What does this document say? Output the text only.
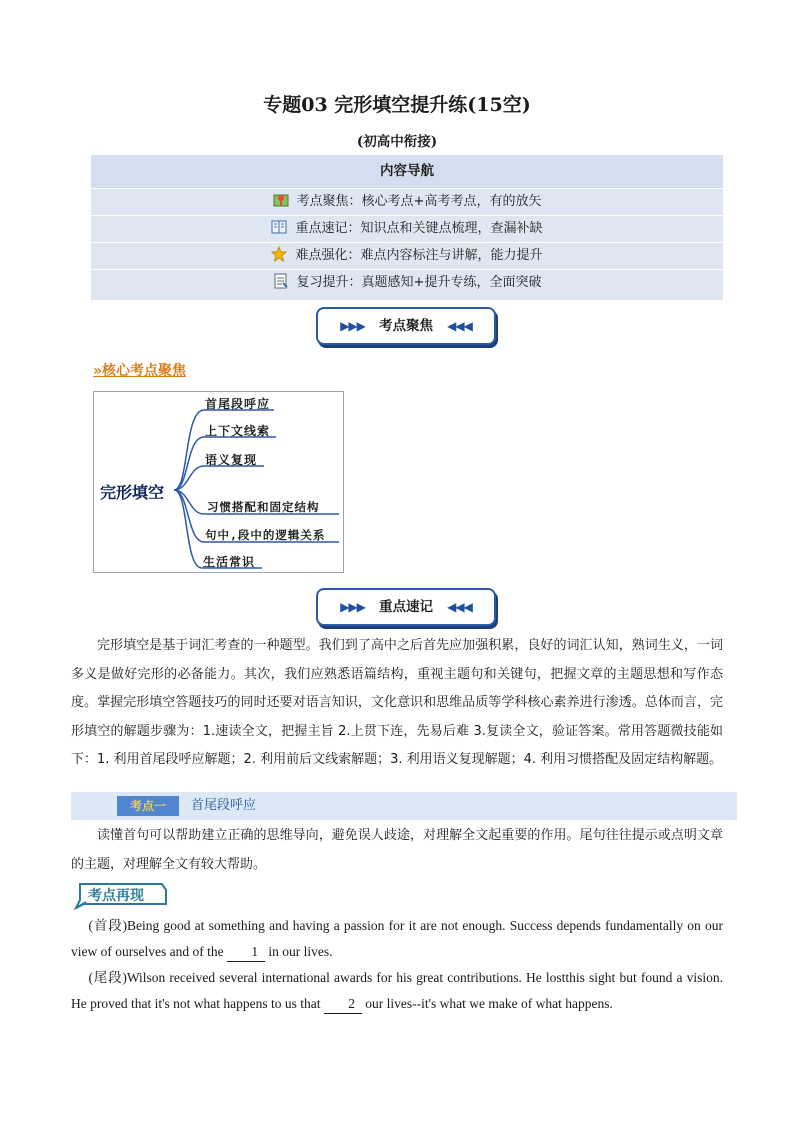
专题03 完形填空提升练(15空)
(初高中衔接)
内容导航
考点聚焦：核心考点+高考考点，有的放矢
重点速记：知识点和关键点梳理，查漏补缺
难点强化：难点内容标注与讲解，能力提升
复习提升：真题感知+提升专练，全面突破
▶▶▶ 考点聚焦 ◀◀◀
»核心考点聚焦
完形填空
首尾段呼应
上下文线索
语义复现
习惯搭配和固定结构
句中,段中的逻辑关系
生活常识
▶▶▶ 重点速记 ◀◀◀

完形填空是基于词汇考查的一种题型。我们到了高中之后首先应加强积累，良好的词汇认知，熟词生义，一词多义是做好完形的必备能力。其次，我们应熟悉语篇结构，重视主题句和关键句，把握文章的主题思想和写作态度。掌握完形填空答题技巧的同时还要对语言知识，文化意识和思维品质等学科核心素养进行渗透。总体而言，完形填空的解题步骤为：1.速读全文，把握主旨 2.上贯下连，先易后难 3.复读全文，验证答案。常用答题微技能如下：1. 利用首尾段呼应解题；2. 利用前后文线索解题；3. 利用语义复现解题；4. 利用习惯搭配及固定结构解题。

考点一	首尾段呼应

读懂首句可以帮助建立正确的思维导向，避免误人歧途，对理解全文起重要的作用。尾句往往提示或点明文章的主题，对理解全文有较大帮助。

考点再现

(首段)Being good at something and having a passion for it are not enough. Success depends fundamentally on our view of ourselves and of the 1 in our lives.

(尾段)Wilson received several international awards for his great contributions. He lostthis sight but found a vision. He proved that it's not what happens to us that 2 our lives--it's what we make of what happens.
